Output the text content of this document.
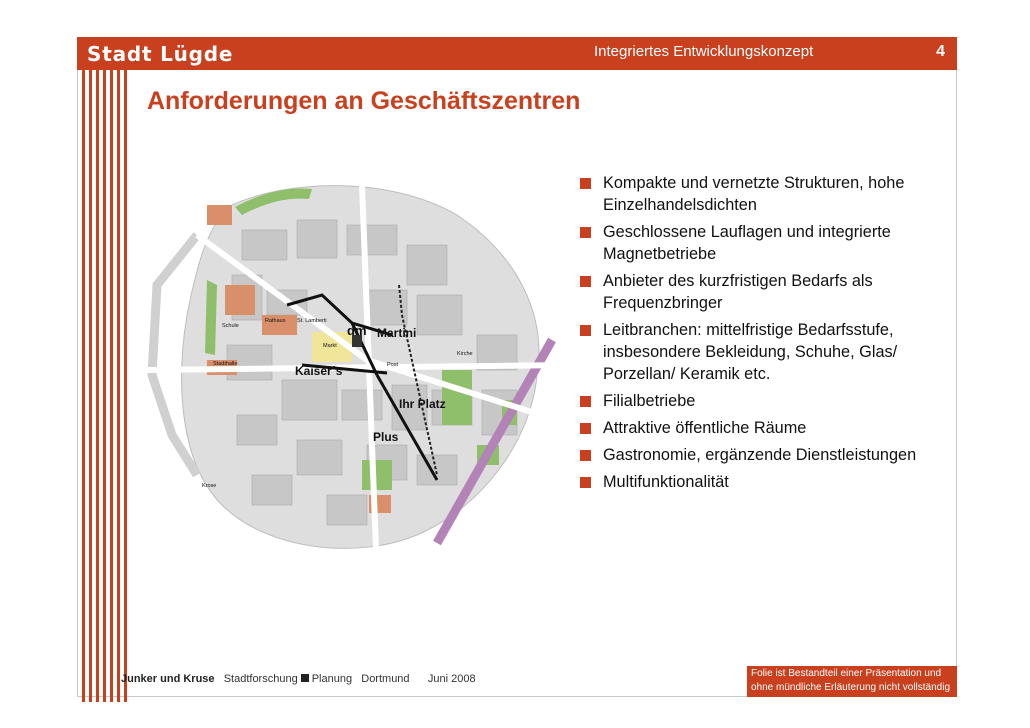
Stadt Lügde	Integriertes Entwicklungskonzept	4
Anforderungen an Geschäftszentren
dm Martini
Kaiser´s
Ihr Platz
Plus
Schule
Rathaus St. Lamberti
Stadthalle
Markt
Post
Kirche
Krose
Kompakte und vernetzte Strukturen, hohe Einzelhandelsdichten
Geschlossene Lauflagen und integrierte Magnetbetriebe
Anbieter des kurzfristigen Bedarfs als Frequenzbringer
Leitbranchen: mittelfristige Bedarfsstufe, insbesondere Bekleidung, Schuhe, Glas/ Porzellan/ Keramik etc.
Filialbetriebe
Attraktive öffentliche Räume
Gastronomie, ergänzende Dienstleistungen
Multifunktionalität
Junker und Kruse Stadtforschung Planung Dortmund Juni 2008	Folie ist Bestandteil einer Präsentation und
ohne mündliche Erläuterung nicht vollständig
